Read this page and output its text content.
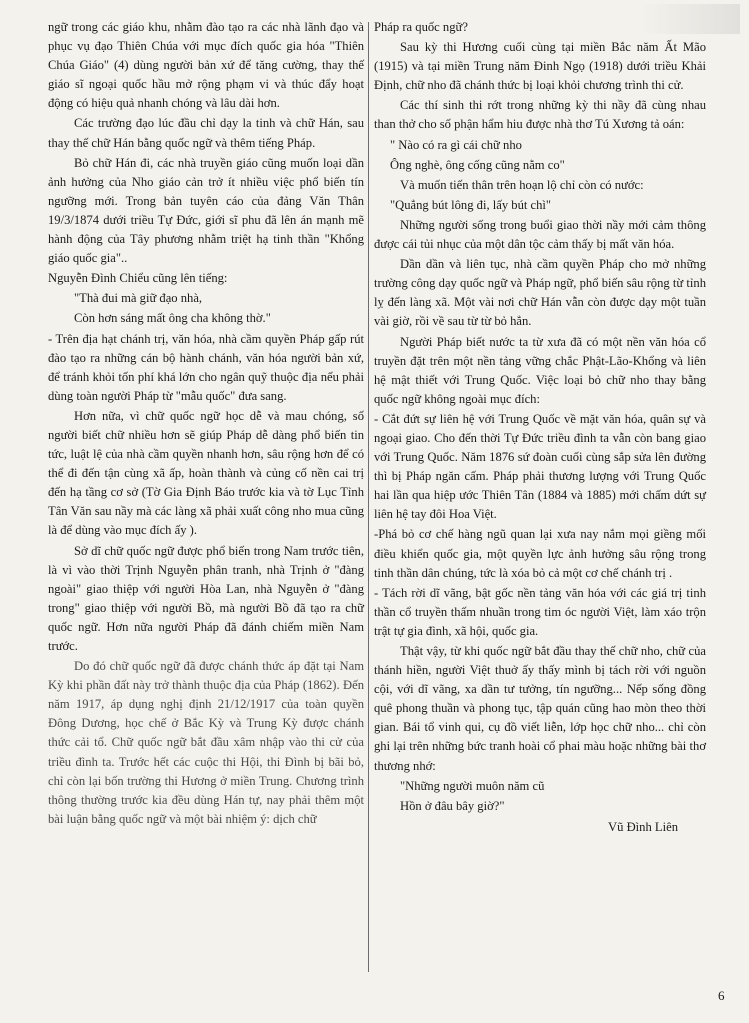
ngữ trong các giáo khu, nhằm đào tạo ra các nhà lãnh đạo và phục vụ đạo Thiên Chúa với mục đích quốc gia hóa "Thiên Chúa Giáo" (4) dùng người bản xứ để tăng cường, thay thế giáo sĩ ngoại quốc hầu mở rộng phạm vi và thúc đẩy hoạt động có hiệu quả nhanh chóng và lâu dài hơn.

Các trường đạo lúc đầu chỉ dạy la tinh và chữ Hán, sau thay thế chữ Hán bằng quốc ngữ và thêm tiếng Pháp.

Bỏ chữ Hán đi, các nhà truyền giáo cũng muốn loại dần ảnh hưởng của Nho giáo cản trở ít nhiều việc phổ biến tín ngưỡng mới. Trong bản tuyên cáo của đảng Văn Thân 19/3/1874 dưới triều Tự Đức, giới sĩ phu đã lên án mạnh mẽ hành động của Tây phương nhằm triệt hạ tinh thần "Khổng giáo quốc gia"..

Nguyễn Đình Chiểu cũng lên tiếng:

"Thà đui mà giữ đạo nhà,

Còn hơn sáng mất ông cha không thờ."

- Trên địa hạt chánh trị, văn hóa, nhà cầm quyền Pháp gấp rút đào tạo ra những cán bộ hành chánh, văn hóa người bản xứ, để tránh khỏi tốn phí khá lớn cho ngân quỹ thuộc địa nếu phải dùng toàn người Pháp từ "mẫu quốc" đưa sang.

Hơn nữa, vì chữ quốc ngữ học dễ và mau chóng, số người biết chữ nhiều hơn sẽ giúp Pháp dễ dàng phổ biến tin tức, luật lệ của nhà cầm quyền nhanh hơn, sâu rộng hơn để có thể đi đến tận cùng xã ấp, hoàn thành và củng cố nền cai trị đến hạ tầng cơ sở (Tờ Gia Định Báo trước kia và tờ Lục Tỉnh Tân Văn sau nầy mà các làng xã phải xuất công nho mua cũng là để dùng vào mục đích ấy ).

Sở dĩ chữ quốc ngữ được phổ biến trong Nam trước tiên, là vì vào thời Trịnh Nguyễn phân tranh, nhà Trịnh ở "đàng ngoài" giao thiệp với người Hòa Lan, nhà Nguyễn ở "đàng trong" giao thiệp với người Bồ, mà người Bồ đã tạo ra chữ quốc ngữ. Hơn nữa người Pháp đã đánh chiếm miền Nam trước.

Do đó chữ quốc ngữ đã được chánh thức áp đặt tại Nam Kỳ khi phần đất này trở thành thuộc địa của Pháp (1862). Đến năm 1917, áp dụng nghị định 21/12/1917 của toàn quyền Đông Dương, học chế ở Bắc Kỳ và Trung Kỳ được chánh thức cải tổ. Chữ quốc ngữ bắt đầu xâm nhập vào thi cử của triều đình ta. Trước hết các cuộc thi Hội, thi Đình bị bãi bỏ, chỉ còn lại bốn trường thi Hương ở miền Trung. Chương trình thông thường trước kia đều dùng Hán tự, nay phải thêm một bài luận bằng quốc ngữ và một bài nhiệm ý: dịch chữ

Pháp ra quốc ngữ?

Sau kỳ thi Hương cuối cùng tại miền Bắc năm Ất Mão (1915) và tại miền Trung năm Đinh Ngọ (1918) dưới triều Khải Định, chữ nho đã chánh thức bị loại khỏi chương trình thi cử.

Các thí sinh thi rớt trong những kỳ thi nầy đã cùng nhau than thở cho số phận hẩm hiu được nhà thơ Tú Xương tả oán:

" Nào có ra gì cái chữ nho

Ông nghè, ông cống cũng nằm co"

Và muốn tiến thân trên hoạn lộ chỉ còn có nước:

"Quẳng bút lông đi, lấy bút chì"

Những người sống trong buổi giao thời nầy mới cảm thông được cái tủi nhục của một dân tộc cảm thấy bị mất văn hóa.

Dần dần và liên tục, nhà cầm quyền Pháp cho mở những trường công dạy quốc ngữ và Pháp ngữ, phổ biến sâu rộng từ tỉnh lỵ đến làng xã. Một vài nơi chữ Hán vẫn còn được dạy một tuần vài giờ, rồi về sau từ từ bỏ hẳn.

Người Pháp biết nước ta từ xưa đã có một nền văn hóa cổ truyền đặt trên một nền tảng vững chắc Phật-Lão-Khổng và liên hệ mật thiết với Trung Quốc. Việc loại bỏ chữ nho thay bằng quốc ngữ không ngoài mục đích:

- Cắt đứt sự liên hệ với Trung Quốc về mặt văn hóa, quân sự và ngoại giao. Cho đến thời Tự Đức triều đình ta vẫn còn bang giao với Trung Quốc. Năm 1876 sứ đoàn cuối cùng sắp sửa lên đường thì bị Pháp ngăn cấm. Pháp phải thương lượng với Trung Quốc hai lần qua hiệp ước Thiên Tân (1884 và 1885) mới chấm dứt sự liên hệ tay đôi Hoa Việt.

-Phá bỏ cơ chế hàng ngũ quan lại xưa nay nắm mọi giềng mối điều khiển quốc gia, một quyền lực ảnh hưởng sâu rộng trong tinh thần dân chúng, tức là xóa bỏ cả một cơ chế chánh trị .

- Tách rời dĩ vãng, bật gốc nền tảng văn hóa với các giá trị tinh thần cổ truyền thấm nhuần trong tim óc người Việt, làm xáo trộn trật tự gia đình, xã hội, quốc gia.

Thật vậy, từ khi quốc ngữ bắt đầu thay thế chữ nho, chữ của thánh hiền, người Việt thuở ấy thấy mình bị tách rời với nguồn cội, với dĩ vãng, xa dần tư tưởng, tín ngưỡng... Nếp sống đồng quê phong thuần và phong tục, tập quán cũng hao mòn theo thời gian. Bái tổ vinh qui, cụ đồ viết liễn, lớp học chữ nho... chỉ còn ghi lại trên những bức tranh hoài cổ phai màu hoặc những bài thơ thương nhớ:

"Những người muôn năm cũ

Hồn ở đâu bây giờ?"

Vũ Đình Liên

6
